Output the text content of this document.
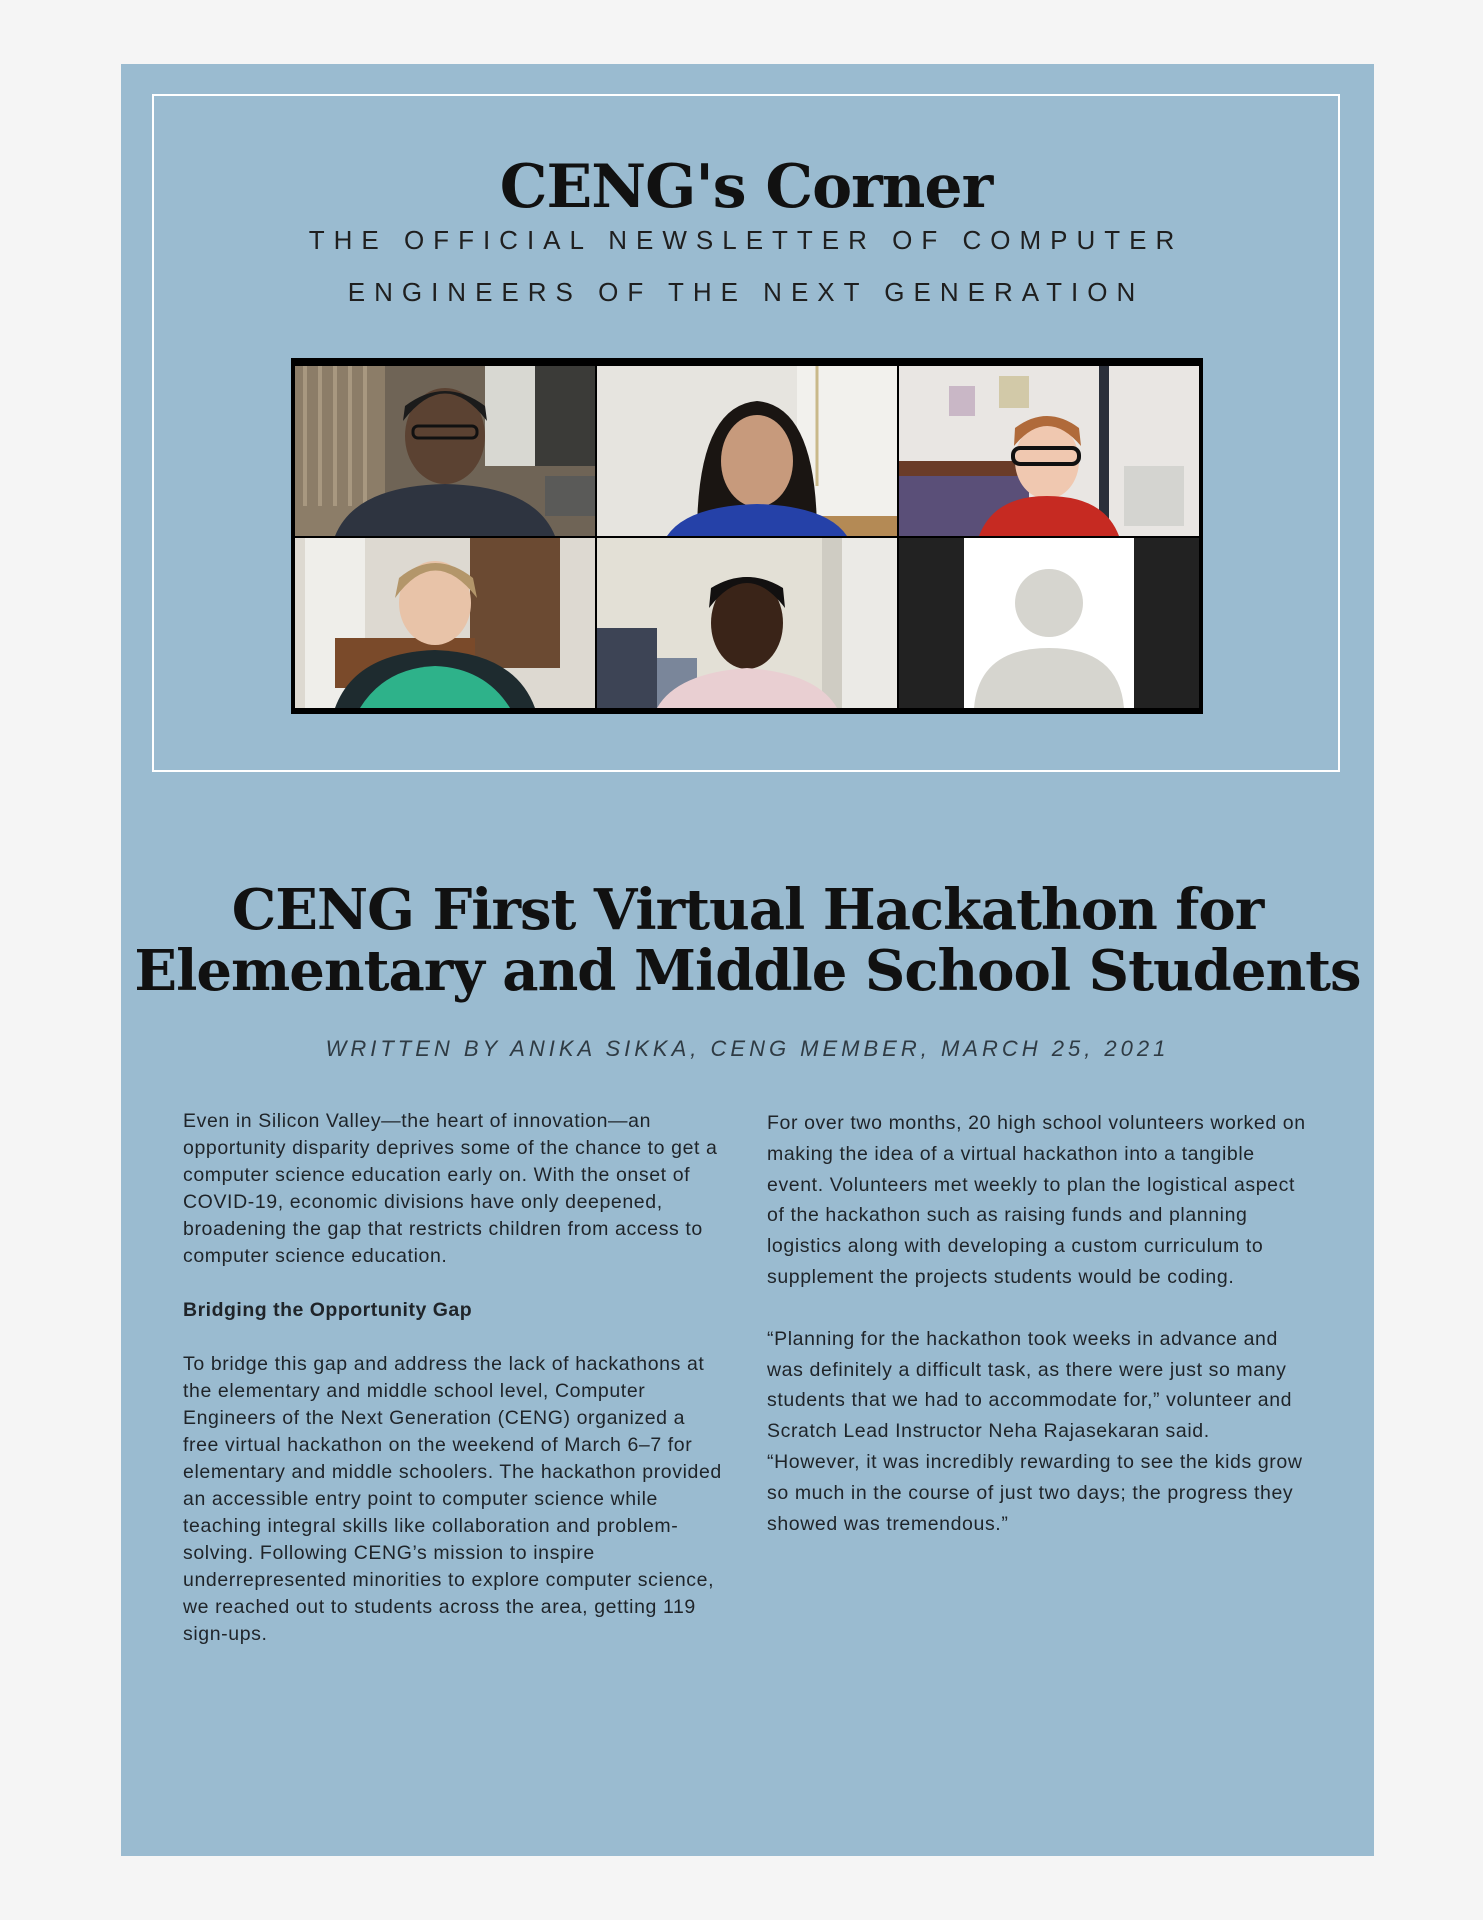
CENG's Corner
THE OFFICIAL NEWSLETTER OF COMPUTER
ENGINEERS OF THE NEXT GENERATION
CENG First Virtual Hackathon for
Elementary and Middle School Students
WRITTEN BY ANIKA SIKKA, CENG MEMBER, MARCH 25, 2021

Even in Silicon Valley—the heart of innovation—an opportunity disparity deprives some of the chance to get a computer science education early on. With the onset of COVID-19, economic divisions have only deepened, broadening the gap that restricts children from access to computer science education.

Bridging the Opportunity Gap

To bridge this gap and address the lack of hackathons at the elementary and middle school level, Computer Engineers of the Next Generation (CENG) organized a free virtual hackathon on the weekend of March 6–7 for elementary and middle schoolers. The hackathon provided an accessible entry point to computer science while teaching integral skills like collaboration and problem-solving. Following CENG’s mission to inspire underrepresented minorities to explore computer science, we reached out to students across the area, getting 119 sign-ups.

For over two months, 20 high school volunteers worked on making the idea of a virtual hackathon into a tangible event. Volunteers met weekly to plan the logistical aspect of the hackathon such as raising funds and planning logistics along with developing a custom curriculum to supplement the projects students would be coding.

“Planning for the hackathon took weeks in advance and was definitely a difficult task, as there were just so many students that we had to accommodate for,” volunteer and Scratch Lead Instructor Neha Rajasekaran said. “However, it was incredibly rewarding to see the kids grow so much in the course of just two days; the progress they showed was tremendous.”
